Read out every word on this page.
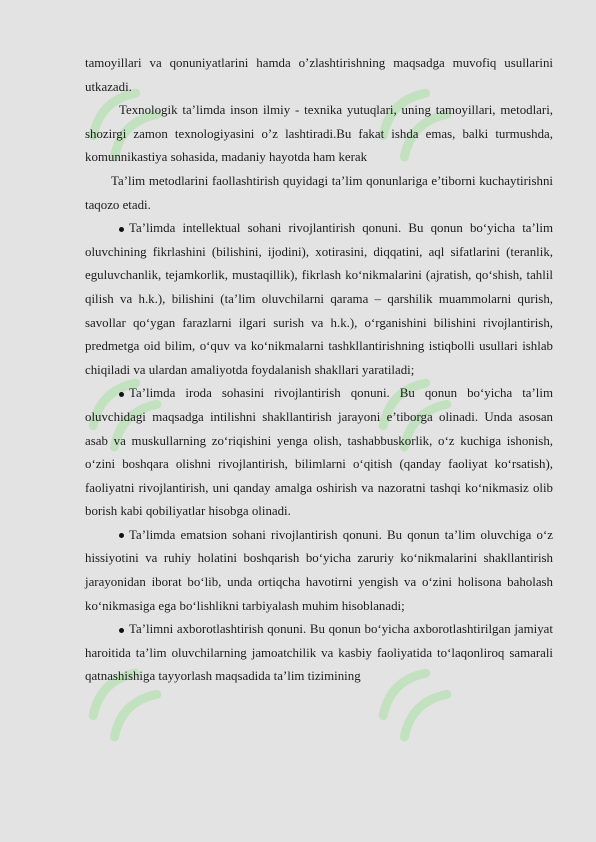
tamoyillari va qonuniyatlarini hamda o’zlashtirishning maqsadga muvofiq usullarini utkazadi.

Texnologik ta’limda inson ilmiy - texnika yutuqlari, uning tamoyillari, metodlari, shozirgi zamon texnologiyasini o’z lashtiradi.Bu fakat ishda emas, balki turmushda, komunnikastiya sohasida, madaniy hayotda ham kerak

Ta’lim metodlarini faollashtirish quyidagi ta’lim qonunlariga e’tiborni kuchaytirishni taqozo etadi.

Ta’limda intellektual sohani rivojlantirish qonuni. Bu qonun bo‘yicha ta’lim oluvchining fikrlashini (bilishini, ijodini), xotirasini, diqqatini, aql sifatlarini (teranlik, eguluvchanlik, tejamkorlik, mustaqillik), fikrlash ko‘nikmalarini (ajratish, qo‘shish, tahlil qilish va h.k.), bilishini (ta’lim oluvchilarni qarama – qarshilik muammolarni qurish, savollar qo‘ygan farazlarni ilgari surish va h.k.), o‘rganishini bilishini rivojlantirish, predmetga oid bilim, o‘quv va ko‘nikmalarni tashkllantirishning istiqbolli usullari ishlab chiqiladi va ulardan amaliyotda foydalanish shakllari yaratiladi;

Ta’limda iroda sohasini rivojlantirish qonuni. Bu qonun bo‘yicha ta’lim oluvchidagi maqsadga intilishni shakllantirish jarayoni e’tiborga olinadi. Unda asosan asab va muskullarning zo‘riqishini yenga olish, tashabbuskorlik, o‘z kuchiga ishonish, o‘zini boshqara olishni rivojlantirish, bilimlarni o‘qitish (qanday faoliyat ko‘rsatish), faoliyatni rivojlantirish, uni qanday amalga oshirish va nazoratni tashqi ko‘nikmasiz olib borish kabi qobiliyatlar hisobga olinadi.

Ta’limda ematsion sohani rivojlantirish qonuni. Bu qonun ta’lim oluvchiga o‘z hissiyotini va ruhiy holatini boshqarish bo‘yicha zaruriy ko‘nikmalarini shakllantirish jarayonidan iborat bo‘lib, unda ortiqcha havotirni yengish va o‘zini holisona baholash ko‘nikmasiga ega bo‘lishlikni tarbiyalash muhim hisoblanadi;

Ta’limni axborotlashtirish qonuni. Bu qonun bo‘yicha axborotlashtirilgan jamiyat haroitida ta’lim oluvchilarning jamoatchilik va kasbiy faoliyatida to‘laqonliroq samarali qatnashishiga tayyorlash maqsadida ta’lim tizimining
